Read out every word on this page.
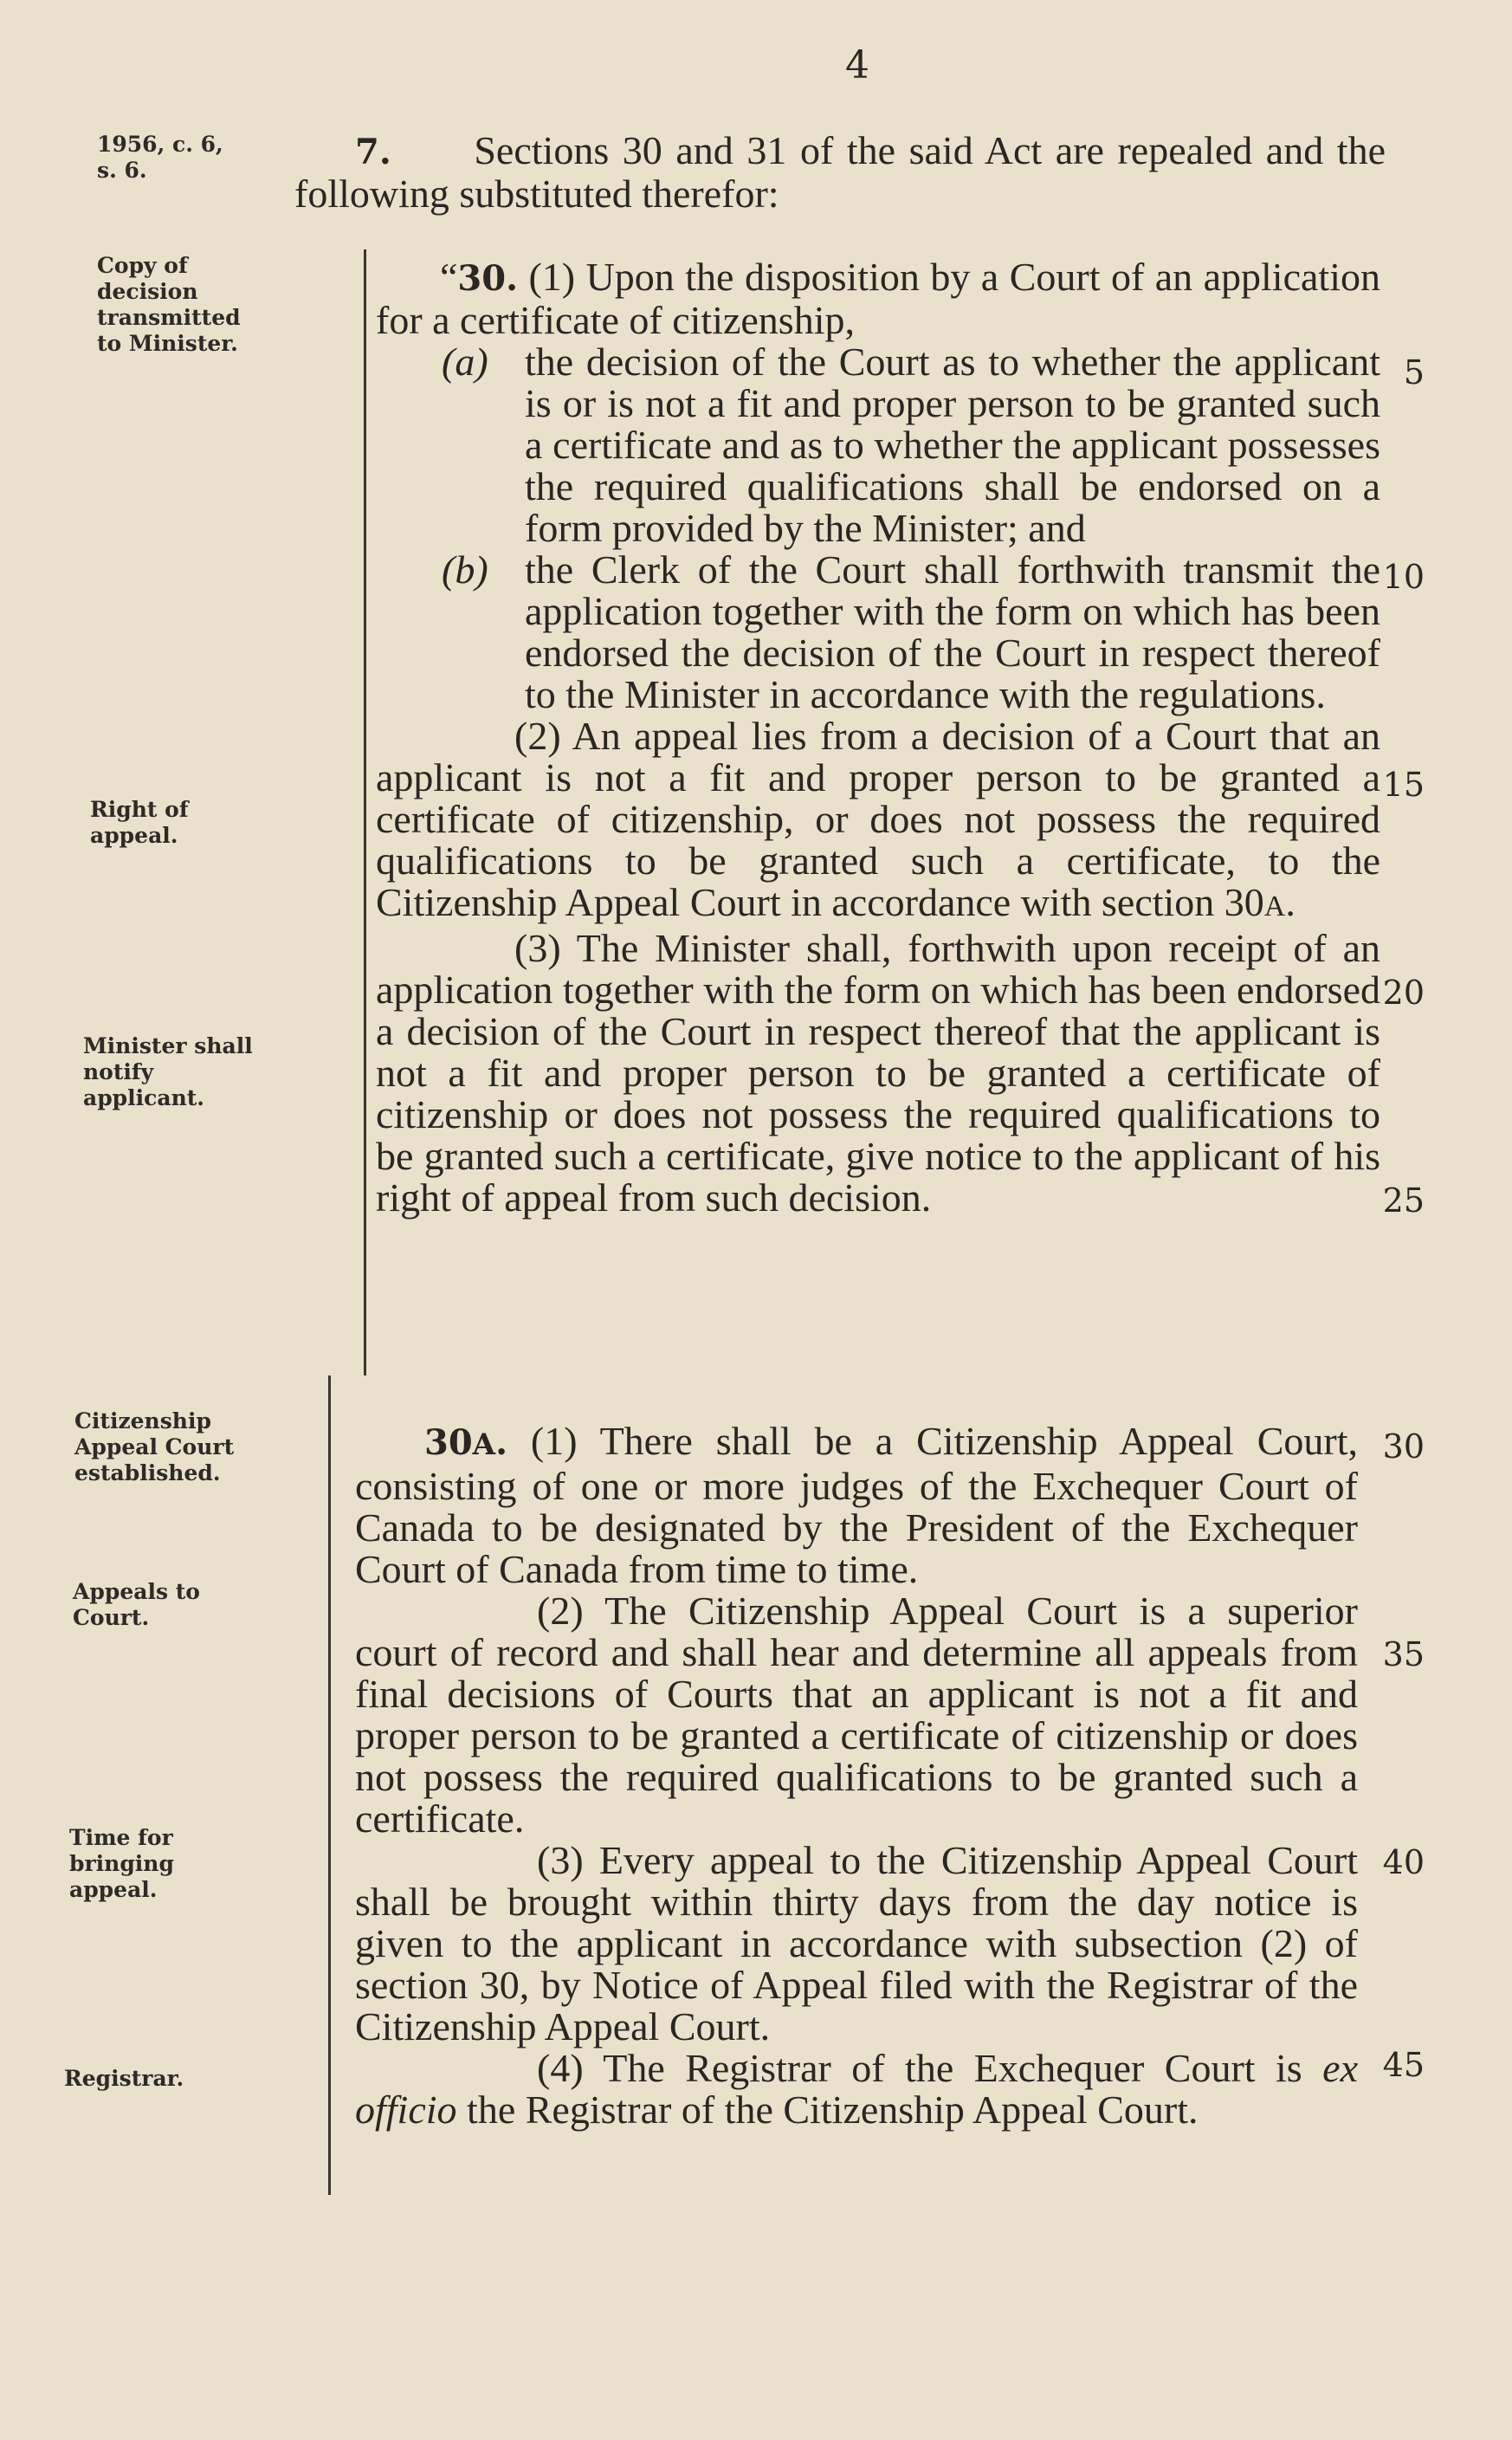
4
1956, c. 6,
s. 6.
Copy of
decision
transmitted
to Minister.
Right of
appeal.
Minister shall
notify
applicant.
Citizenship
Appeal Court
established.
Appeals to
Court.
Time for
bringing
appeal.
Registrar.
5
10
15
20
25
30
35
40
45

7. Sections 30 and 31 of the said Act are repealed and the following substituted therefor:

“30. (1) Upon the disposition by a Court of an application for a certificate of citizenship,

(a) the decision of the Court as to whether the applicant is or is not a fit and proper person to be granted such a certificate and as to whether the applicant possesses the required qualifications shall be endorsed on a form provided by the Minister; and

(b) the Clerk of the Court shall forthwith transmit the application together with the form on which has been endorsed the decision of the Court in respect thereof to the Minister in accordance with the regulations.

(2) An appeal lies from a decision of a Court that an applicant is not a fit and proper person to be granted a certificate of citizenship, or does not possess the required qualifications to be granted such a certificate, to the Citizenship Appeal Court in accordance with section 30A.

(3) The Minister shall, forthwith upon receipt of an application together with the form on which has been endorsed a decision of the Court in respect thereof that the applicant is not a fit and proper person to be granted a certificate of citizenship or does not possess the required qualifications to be granted such a certificate, give notice to the applicant of his right of appeal from such decision.

30A. (1) There shall be a Citizenship Appeal Court, consisting of one or more judges of the Exchequer Court of Canada to be designated by the President of the Exchequer Court of Canada from time to time.

(2) The Citizenship Appeal Court is a superior court of record and shall hear and determine all appeals from final decisions of Courts that an applicant is not a fit and proper person to be granted a certificate of citizenship or does not possess the required qualifications to be granted such a certificate.

(3) Every appeal to the Citizenship Appeal Court shall be brought within thirty days from the day notice is given to the applicant in accordance with subsection (2) of section 30, by Notice of Appeal filed with the Registrar of the Citizenship Appeal Court.

(4) The Registrar of the Exchequer Court is ex officio the Registrar of the Citizenship Appeal Court.
